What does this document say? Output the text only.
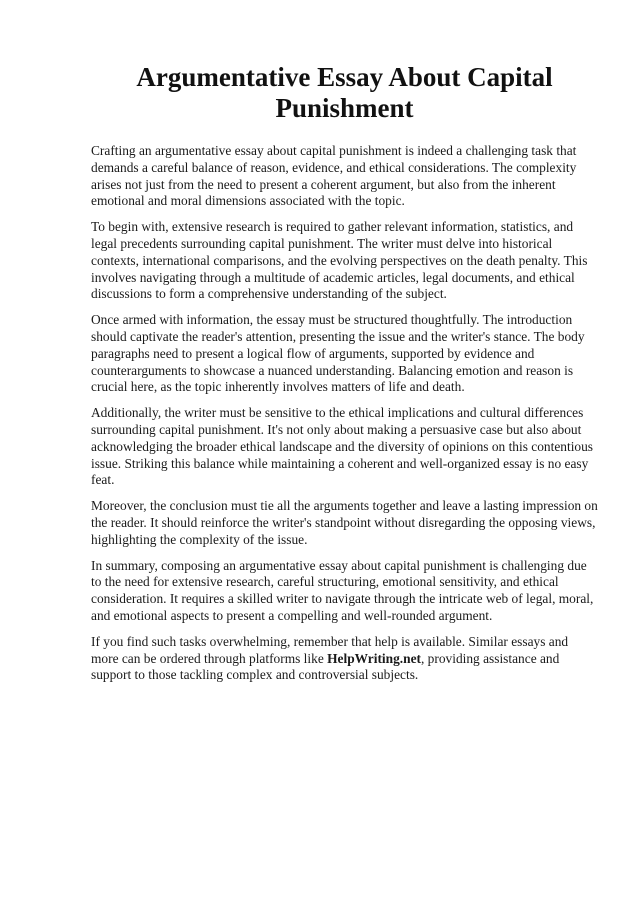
Argumentative Essay About Capital Punishment

Crafting an argumentative essay about capital punishment is indeed a challenging task that demands a careful balance of reason, evidence, and ethical considerations. The complexity arises not just from the need to present a coherent argument, but also from the inherent emotional and moral dimensions associated with the topic.

To begin with, extensive research is required to gather relevant information, statistics, and legal precedents surrounding capital punishment. The writer must delve into historical contexts, international comparisons, and the evolving perspectives on the death penalty. This involves navigating through a multitude of academic articles, legal documents, and ethical discussions to form a comprehensive understanding of the subject.

Once armed with information, the essay must be structured thoughtfully. The introduction should captivate the reader's attention, presenting the issue and the writer's stance. The body paragraphs need to present a logical flow of arguments, supported by evidence and counterarguments to showcase a nuanced understanding. Balancing emotion and reason is crucial here, as the topic inherently involves matters of life and death.

Additionally, the writer must be sensitive to the ethical implications and cultural differences surrounding capital punishment. It's not only about making a persuasive case but also about acknowledging the broader ethical landscape and the diversity of opinions on this contentious issue. Striking this balance while maintaining a coherent and well-organized essay is no easy feat.

Moreover, the conclusion must tie all the arguments together and leave a lasting impression on the reader. It should reinforce the writer's standpoint without disregarding the opposing views, highlighting the complexity of the issue.

In summary, composing an argumentative essay about capital punishment is challenging due to the need for extensive research, careful structuring, emotional sensitivity, and ethical consideration. It requires a skilled writer to navigate through the intricate web of legal, moral, and emotional aspects to present a compelling and well-rounded argument.

If you find such tasks overwhelming, remember that help is available. Similar essays and more can be ordered through platforms like HelpWriting.net, providing assistance and support to those tackling complex and controversial subjects.
